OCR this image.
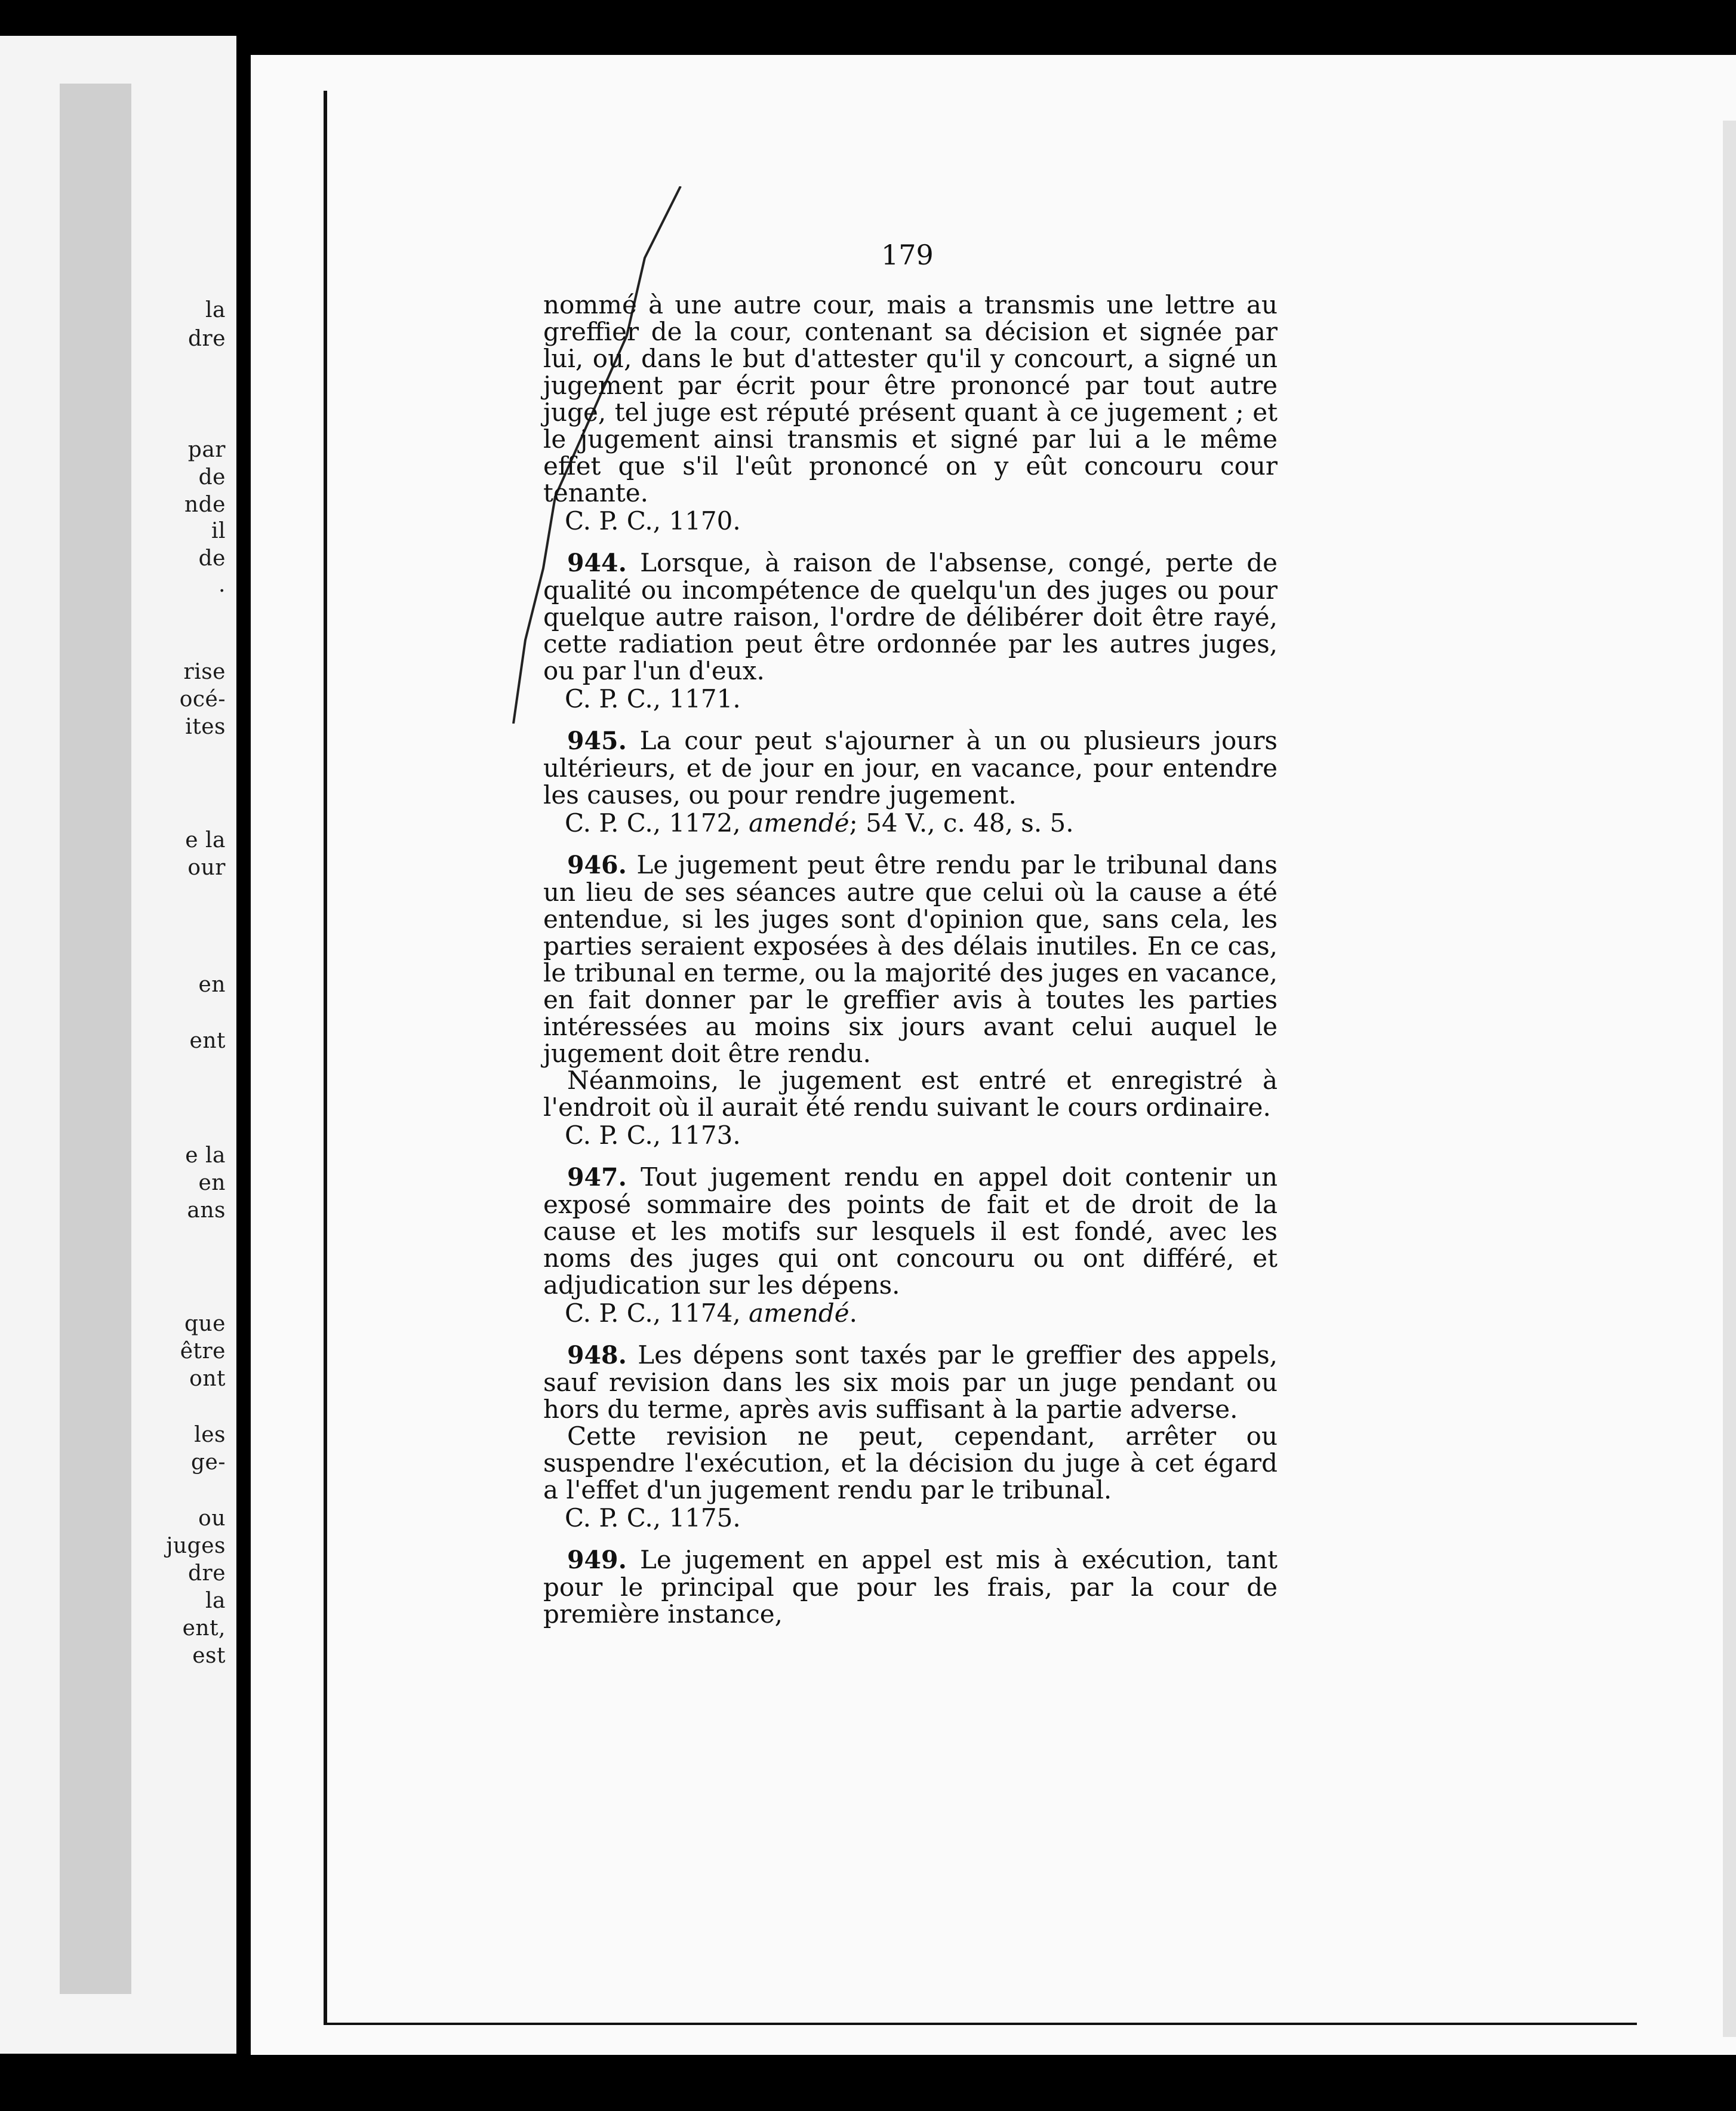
la
dre
par
de
nde
il
de
.
rise
océ-
ites
e la
our
en
ent
e la
en
ans
que
être
ont
les
ge-
ou
juges
dre
la
ent,
est
179

nommé à une autre cour, mais a transmis une lettre au greffier de la cour, contenant sa décision et signée par lui, ou, dans le but d'attester qu'il y concourt, a signé un jugement par écrit pour être prononcé par tout autre juge, tel juge est réputé présent quant à ce jugement ; et le jugement ainsi transmis et signé par lui a le même effet que s'il l'eût prononcé on y eût concouru cour tenante.

C. P. C., 1170.

944. Lorsque, à raison de l'absense, congé, perte de qualité ou incompétence de quelqu'un des juges ou pour quelque autre raison, l'ordre de délibérer doit être rayé, cette radiation peut être ordonnée par les autres juges, ou par l'un d'eux.

C. P. C., 1171.

945. La cour peut s'ajourner à un ou plusieurs jours ultérieurs, et de jour en jour, en vacance, pour entendre les causes, ou pour rendre jugement.

C. P. C., 1172, amendé; 54 V., c. 48, s. 5.

946. Le jugement peut être rendu par le tribunal dans un lieu de ses séances autre que celui où la cause a été entendue, si les juges sont d'opinion que, sans cela, les parties seraient exposées à des délais inutiles. En ce cas, le tribunal en terme, ou la majorité des juges en vacance, en fait donner par le greffier avis à toutes les parties intéressées au moins six jours avant celui auquel le jugement doit être rendu.

Néanmoins, le jugement est entré et enregistré à l'endroit où il aurait été rendu suivant le cours ordinaire.

C. P. C., 1173.

947. Tout jugement rendu en appel doit contenir un exposé sommaire des points de fait et de droit de la cause et les motifs sur lesquels il est fondé, avec les noms des juges qui ont concouru ou ont différé, et adjudication sur les dépens.

C. P. C., 1174, amendé.

948. Les dépens sont taxés par le greffier des appels, sauf revision dans les six mois par un juge pendant ou hors du terme, après avis suffisant à la partie adverse.

Cette revision ne peut, cependant, arrêter ou suspendre l'exécution, et la décision du juge à cet égard a l'effet d'un jugement rendu par le tribunal.

C. P. C., 1175.

949. Le jugement en appel est mis à exécution, tant pour le principal que pour les frais, par la cour de première instance,
